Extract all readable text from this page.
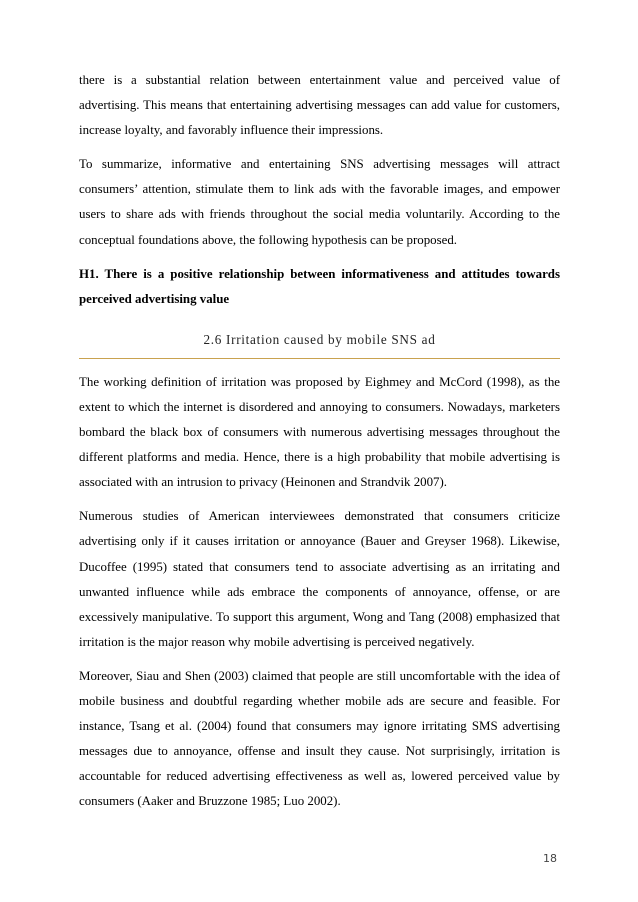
there is a substantial relation between entertainment value and perceived value of advertising. This means that entertaining advertising messages can add value for customers, increase loyalty, and favorably influence their impressions.

To summarize, informative and entertaining SNS advertising messages will attract consumers’ attention, stimulate them to link ads with the favorable images, and empower users to share ads with friends throughout the social media voluntarily. According to the conceptual foundations above, the following hypothesis can be proposed.

H1. There is a positive relationship between informativeness and attitudes towards perceived advertising value

2.6 Irritation caused by mobile SNS ad

The working definition of irritation was proposed by Eighmey and McCord (1998), as the extent to which the internet is disordered and annoying to consumers. Nowadays, marketers bombard the black box of consumers with numerous advertising messages throughout the different platforms and media. Hence, there is a high probability that mobile advertising is associated with an intrusion to privacy (Heinonen and Strandvik 2007).

Numerous studies of American interviewees demonstrated that consumers criticize advertising only if it causes irritation or annoyance (Bauer and Greyser 1968). Likewise, Ducoffee (1995) stated that consumers tend to associate advertising as an irritating and unwanted influence while ads embrace the components of annoyance, offense, or are excessively manipulative. To support this argument, Wong and Tang (2008) emphasized that irritation is the major reason why mobile advertising is perceived negatively.

Moreover, Siau and Shen (2003) claimed that people are still uncomfortable with the idea of mobile business and doubtful regarding whether mobile ads are secure and feasible. For instance, Tsang et al. (2004) found that consumers may ignore irritating SMS advertising messages due to annoyance, offense and insult they cause. Not surprisingly, irritation is accountable for reduced advertising effectiveness as well as, lowered perceived value by consumers (Aaker and Bruzzone 1985; Luo 2002).

18
